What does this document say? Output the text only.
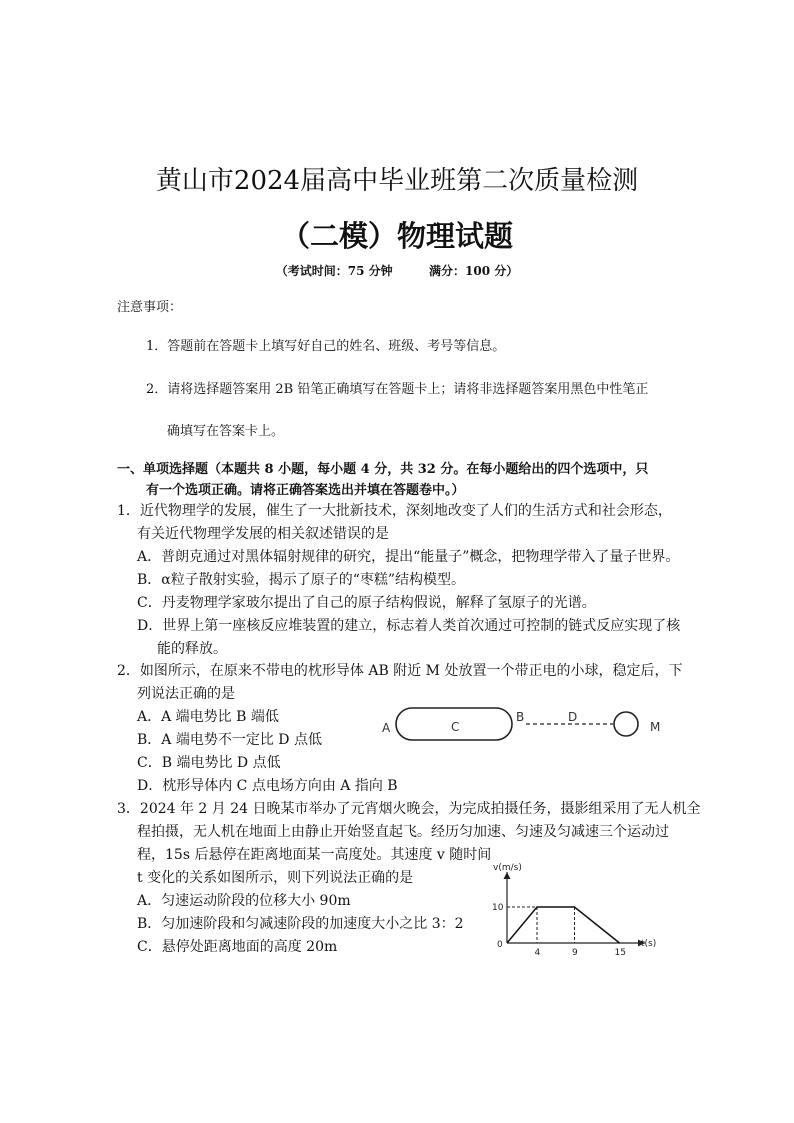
黄山市2024届高中毕业班第二次质量检测
（二模）物理试题
（考试时间：75 分钟	满分：100 分）
注意事项：
1．答题前在答题卡上填写好自己的姓名、班级、考号等信息。
2．请将选择题答案用 2B 铅笔正确填写在答题卡上；请将非选择题答案用黑色中性笔正
确填写在答案卡上。
一、单项选择题（本题共 8 小题，每小题 4 分，共 32 分。在每小题给出的四个选项中，只
有一个选项正确。请将正确答案选出并填在答题卷中。）
1．近代物理学的发展，催生了一大批新技术，深刻地改变了人们的生活方式和社会形态，
有关近代物理学发展的相关叙述错误的是
A．普朗克通过对黑体辐射规律的研究，提出“能量子”概念，把物理学带入了量子世界。
B．α粒子散射实验，揭示了原子的“枣糕”结构模型。
C．丹麦物理学家玻尔提出了自己的原子结构假说，解释了氢原子的光谱。
D．世界上第一座核反应堆装置的建立，标志着人类首次通过可控制的链式反应实现了核
能的释放。
2．如图所示，在原来不带电的枕形导体 AB 附近 M 处放置一个带正电的小球，稳定后，下
列说法正确的是
A．A 端电势比 B 端低
B．A 端电势不一定比 D 点低
C．B 端电势比 D 点低
D．枕形导体内 C 点电场方向由 A 指向 B
A	C
B	D
M
3．2024 年 2 月 24 日晚某市举办了元宵烟火晚会，为完成拍摄任务，摄影组采用了无人机全
程拍摄，无人机在地面上由静止开始竖直起飞。经历匀加速、匀速及匀减速三个运动过
程，15s 后悬停在距离地面某一高度处。其速度 v 随时间
t 变化的关系如图所示，则下列说法正确的是
A．匀速运动阶段的位移大小 90m
B．匀加速阶段和匀减速阶段的加速度大小之比 3：2
C．悬停处距离地面的高度 20m
v(m/s)
t(s)
0
4	9	15
10
